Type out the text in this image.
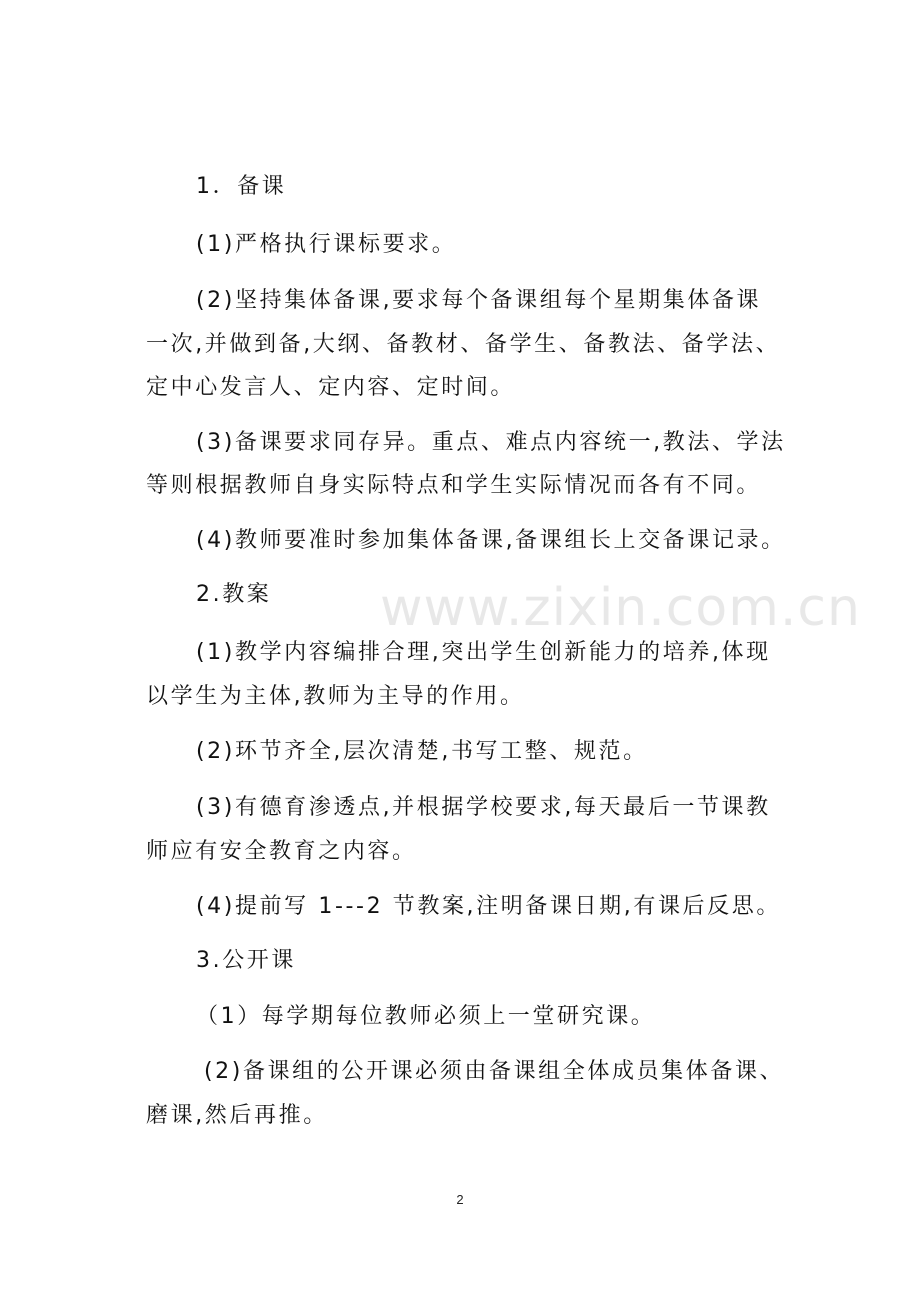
www.zixin.com.cn
1．备课
(1)严格执行课标要求。
(2)坚持集体备课,要求每个备课组每个星期集体备课
一次,并做到备,大纲、备教材、备学生、备教法、备学法、
定中心发言人、定内容、定时间。
(3)备课要求同存异。重点、难点内容统一,教法、学法
等则根据教师自身实际特点和学生实际情况而各有不同。
(4)教师要准时参加集体备课,备课组长上交备课记录。
2.教案
(1)教学内容编排合理,突出学生创新能力的培养,体现
以学生为主体,教师为主导的作用。
(2)环节齐全,层次清楚,书写工整、规范。
(3)有德育渗透点,并根据学校要求,每天最后一节课教
师应有安全教育之内容。
(4)提前写 1---2 节教案,注明备课日期,有课后反思。
3.公开课
（1）每学期每位教师必须上一堂研究课。
(2)备课组的公开课必须由备课组全体成员集体备课、
磨课,然后再推。
2
